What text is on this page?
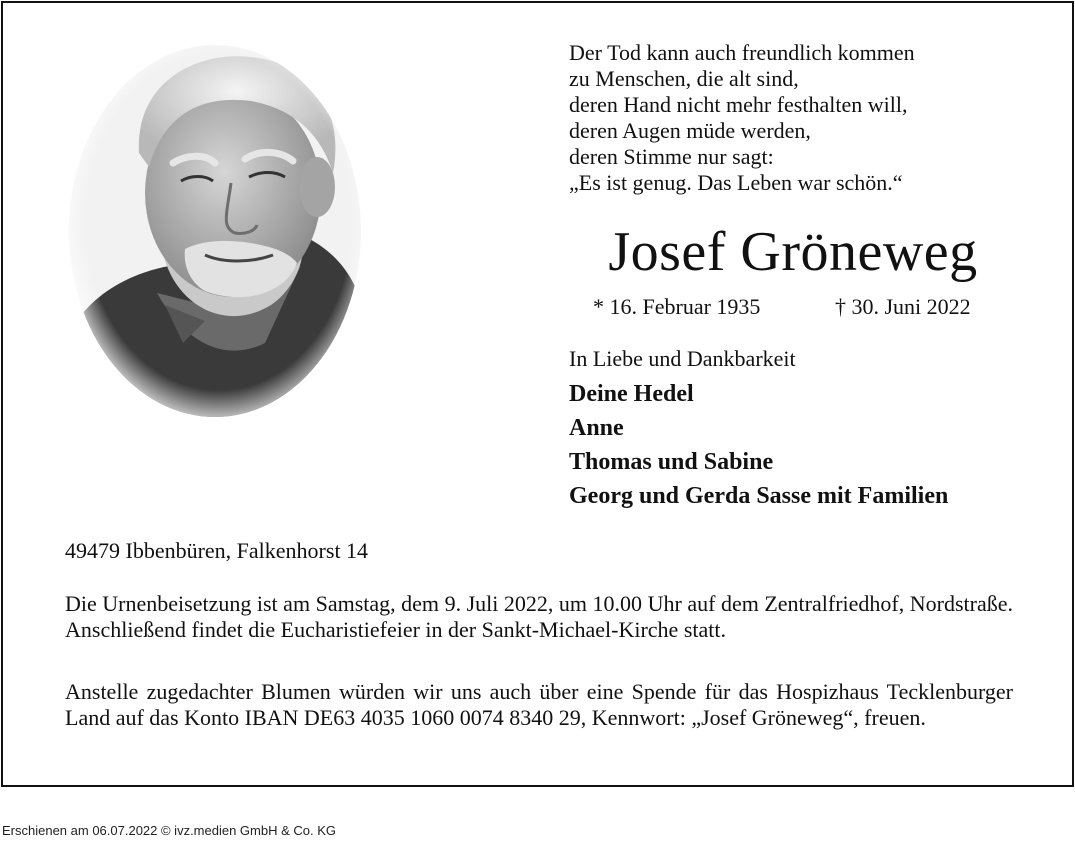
Der Tod kann auch freundlich kommen
zu Menschen, die alt sind,
deren Hand nicht mehr festhalten will,
deren Augen müde werden,
deren Stimme nur sagt:
„Es ist genug. Das Leben war schön.“
Josef Gröneweg
* 16. Februar 1935	† 30. Juni 2022
In Liebe und Dankbarkeit
Deine Hedel
Anne
Thomas und Sabine
Georg und Gerda Sasse mit Familien
49479 Ibbenbüren, Falkenhorst 14
Die Urnenbeisetzung ist am Samstag, dem 9. Juli 2022, um 10.00 Uhr auf dem Zentralfriedhof, Nordstraße. Anschließend findet die Eucharistiefeier in der Sankt-Michael-Kirche statt.
Anstelle zugedachter Blumen würden wir uns auch über eine Spende für das Hospizhaus Tecklenburger Land auf das Konto IBAN DE63 4035 1060 0074 8340 29, Kennwort: „Josef Gröneweg“, freuen.
Erschienen am 06.07.2022 © ivz.medien GmbH & Co. KG
